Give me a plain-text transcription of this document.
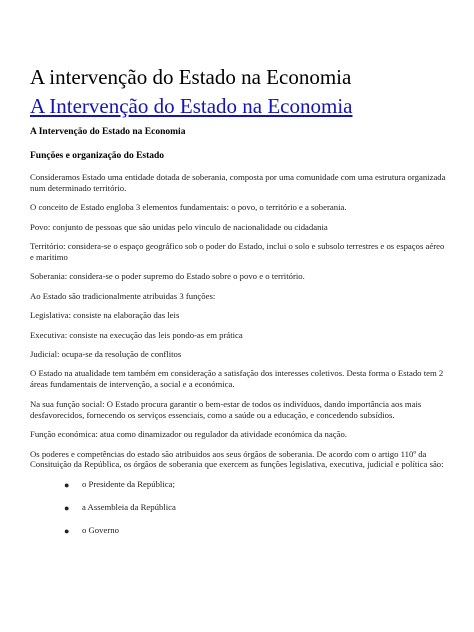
A intervenção do Estado na Economia
A Intervenção do Estado na Economia

A Intervenção do Estado na Economia

Funções e organização do Estado

Consideramos Estado uma entidade dotada de soberania, composta por uma comunidade com uma estrutura organizada num determinado território.

O conceito de Estado engloba 3 elementos fundamentais: o povo, o território e a soberania.

Povo: conjunto de pessoas que são unidas pelo vinculo de nacionalidade ou cidadania

Território: considera-se o espaço geográfico sob o poder do Estado, inclui o solo e subsolo terrestres e os espaços aéreo e maritimo

Soberania: considera-se o poder supremo do Estado sobre o povo e o território.

Ao Estado são tradicionalmente atribuidas 3 funções:

Legislativa: consiste na elaboração das leis

Executiva: consiste na execução das leis pondo-as em prática

Judicial: ocupa-se da resolução de conflitos

O Estado na atualidade tem também em consideração a satisfação dos interesses coletivos. Desta forma o Estado tem 2 áreas fundamentais de intervenção, a social e a económica.

Na sua função social: O Estado procura garantir o bem-estar de todos os indivíduos, dando importância aos mais desfavorecidos, fornecendo os serviços essenciais, como a saúde ou a educação, e concedendo subsídios.

Função económica: atua como dinamizador ou regulador da atividade económica da nação.

Os poderes e competências do estado são atribuidos aos seus órgãos de soberania. De acordo com o artigo 110º da Consituição da República, os órgãos de soberania que exercem as funções legislativa, executiva, judicial e política são:

● o Presidente da República;
● a Assembleia da República
● o Governo
